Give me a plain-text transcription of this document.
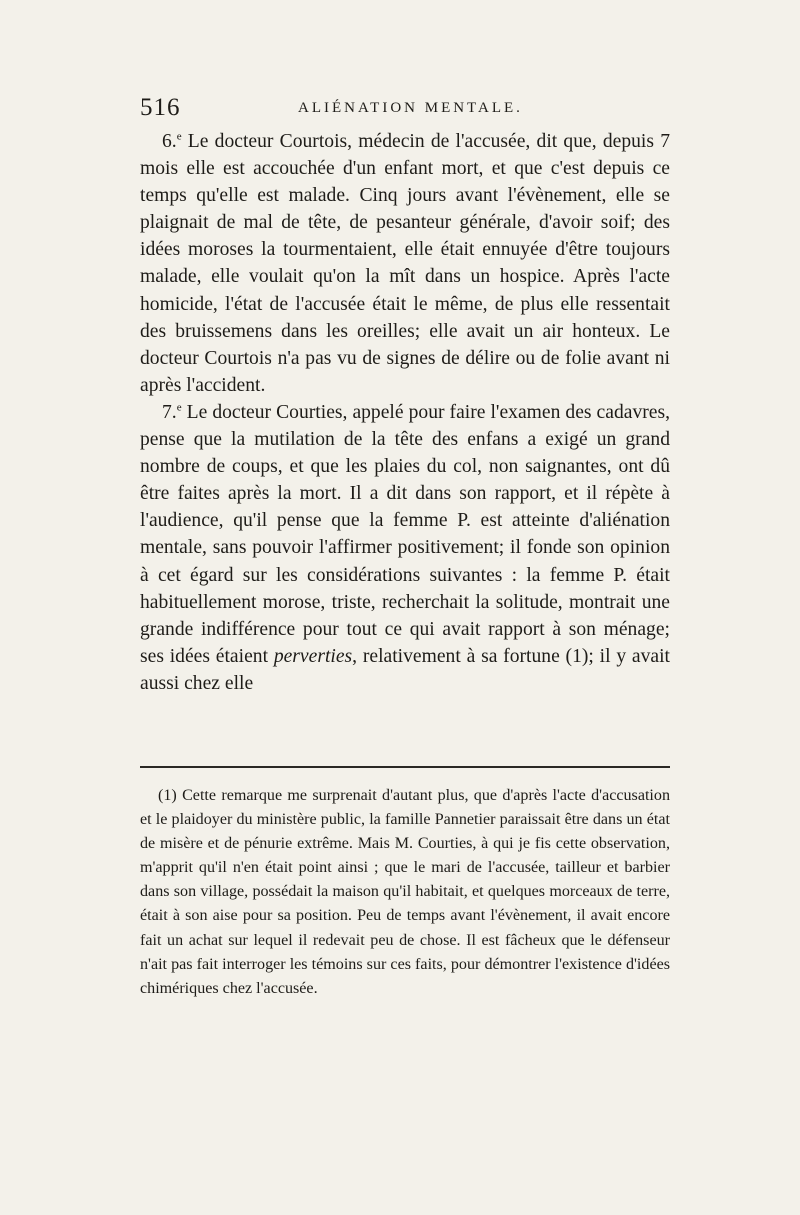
516	ALIÉNATION MENTALE.

6.$^e$ Le docteur Courtois, médecin de l'accusée, dit que, depuis 7 mois elle est accouchée d'un enfant mort, et que c'est depuis ce temps qu'elle est malade. Cinq jours avant l'évènement, elle se plaignait de mal de tête, de pesanteur générale, d'avoir soif; des idées moroses la tourmentaient, elle était ennuyée d'être toujours malade, elle voulait qu'on la mît dans un hospice. Après l'acte homicide, l'état de l'accusée était le même, de plus elle ressentait des bruissemens dans les oreilles; elle avait un air honteux. Le docteur Courtois n'a pas vu de signes de délire ou de folie avant ni après l'accident.

7.$^e$ Le docteur Courties, appelé pour faire l'examen des cadavres, pense que la mutilation de la tête des enfans a exigé un grand nombre de coups, et que les plaies du col, non saignantes, ont dû être faites après la mort. Il a dit dans son rapport, et il répète à l'audience, qu'il pense que la femme P. est atteinte d'aliénation mentale, sans pouvoir l'affirmer positivement; il fonde son opinion à cet égard sur les considérations suivantes : la femme P. était habituellement morose, triste, recherchait la solitude, montrait une grande indifférence pour tout ce qui avait rapport à son ménage; ses idées étaient perverties, relativement à sa fortune (1); il y avait aussi chez elle

(1) Cette remarque me surprenait d'autant plus, que d'après l'acte d'accusation et le plaidoyer du ministère public, la famille Pannetier paraissait être dans un état de misère et de pénurie extrême. Mais M. Courties, à qui je fis cette observation, m'apprit qu'il n'en était point ainsi ; que le mari de l'accusée, tailleur et barbier dans son village, possédait la maison qu'il habitait, et quelques morceaux de terre, était à son aise pour sa position. Peu de temps avant l'évènement, il avait encore fait un achat sur lequel il redevait peu de chose. Il est fâcheux que le défenseur n'ait pas fait interroger les témoins sur ces faits, pour démontrer l'existence d'idées chimériques chez l'accusée.
